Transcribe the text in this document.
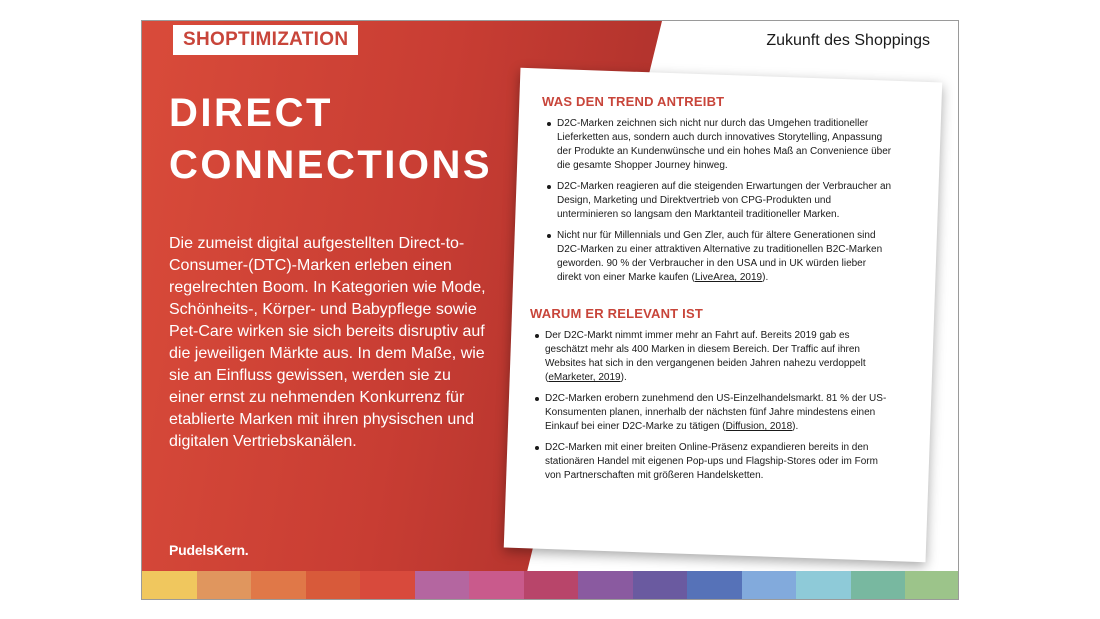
SHOPTIMIZATION	Zukunft des Shoppings
DIRECT
CONNECTIONS

Die zumeist digital aufgestellten Direct-to-Consumer-(DTC)-Marken erleben einen regelrechten Boom. In Kategorien wie Mode, Schönheits-, Körper- und Babypflege sowie Pet-Care wirken sie sich bereits disruptiv auf die jeweiligen Märkte aus. In dem Maße, wie sie an Einfluss gewissen, werden sie zu einer ernst zu nehmenden Konkurrenz für etablierte Marken mit ihren physischen und digitalen Vertriebskanälen.

PudelsKern.
WAS DEN TREND ANTREIBT
D2C-Marken zeichnen sich nicht nur durch das Umgehen traditioneller Lieferketten aus, sondern auch durch innovatives Storytelling, Anpassung der Produkte an Kundenwünsche und ein hohes Maß an Convenience über die gesamte Shopper Journey hinweg.
D2C-Marken reagieren auf die steigenden Erwartungen der Verbraucher an Design, Marketing und Direktvertrieb von CPG-Produkten und unterminieren so langsam den Marktanteil traditioneller Marken.
Nicht nur für Millennials und Gen Zler, auch für ältere Generationen sind D2C-Marken zu einer attraktiven Alternative zu traditionellen B2C-Marken geworden. 90 % der Verbraucher in den USA und in UK würden lieber direkt von einer Marke kaufen (LiveArea, 2019).
WARUM ER RELEVANT IST
Der D2C-Markt nimmt immer mehr an Fahrt auf. Bereits 2019 gab es geschätzt mehr als 400 Marken in diesem Bereich. Der Traffic auf ihren Websites hat sich in den vergangenen beiden Jahren nahezu verdoppelt (eMarketer, 2019).
D2C-Marken erobern zunehmend den US-Einzelhandelsmarkt. 81 % der US-Konsumenten planen, innerhalb der nächsten fünf Jahre mindestens einen Einkauf bei einer D2C-Marke zu tätigen (Diffusion, 2018).
D2C-Marken mit einer breiten Online-Präsenz expandieren bereits in den stationären Handel mit eigenen Pop-ups und Flagship-Stores oder im Form von Partnerschaften mit größeren Handelsketten.
